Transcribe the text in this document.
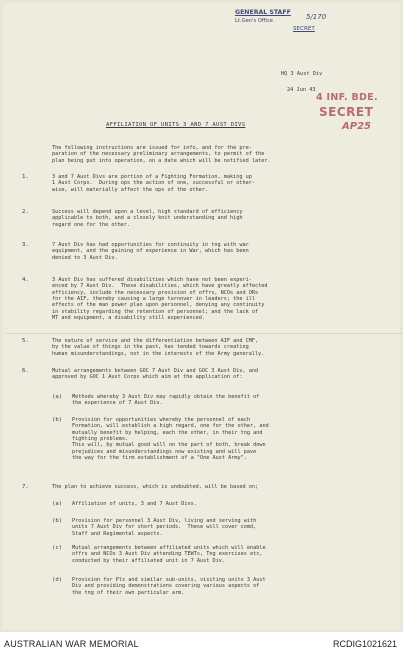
GENERAL STAFF
5/170
Lt.Gen's Office
SECRET
HQ 3 Aust Div
24 Jun 43
4 INF. BDE.
SECRET
AP25
AFFILIATION OF UNITS 3 AND 7 AUST DIVS
The following instructions are issued for info, and for the pre-
paration of the necessary preliminary arrangements, to permit of the
plan being put into operation, on a date which will be notified later.
1.	3 and 7 Aust Divs are portion of a Fighting Formation, making up
1 Aust Corps.  During ops the action of one, successful or other-
wise, will materially affect the ops of the other.
2.	Success will depend upon a level, high standard of efficiency
applicable to both, and a closely knit understanding and high
regard one for the other.
3.	7 Aust Div has had opportunities for continuity in tng with war
equipment, and the gaining of experience in War, which has been
denied to 3 Aust Div.
4.	3 Aust Div has suffered disabilities which have not been experi-
enced by 7 Aust Div.  These disabilities, which have greatly affected
efficiency, include the necessary provision of offrs, NCOs and ORs
for the AIF, thereby causing a large turnover in leaders; the ill
effects of the man power plan upon personnel, denying any continuity
in stability regarding the retention of personnel; and the lack of
MT and equipment, a disability still experienced.
5.	The nature of service and the differentiation between AIF and CMF,
by the value of things in the past, has tended towards creating
human misunderstandings, not in the interests of the Army generally.
6.	Mutual arrangements between GOC 7 Aust Div and GOC 3 Aust Div, and
approved by GOC 1 Aust Corps which aim at the application of:
(a) Methods whereby 3 Aust Div may rapidly obtain the benefit of
the experience of 7 Aust Div.
(b) Provision for opportunities whereby the personnel of each
Formation, will establish a high regard, one for the other, and
mutually benefit by helping, each the other, in their tng and
fighting problems.
This will, by mutual good will on the part of both, break down
prejudices and misunderstandings now existing and will pave
the way for the firm establishment of a "One Aust Army".
7.	The plan to achieve success, which is undoubted, will be based on;
(a) Affiliation of units, 3 and 7 Aust Divs.
(b) Provision for personnel 3 Aust Div, living and serving with
units 7 Aust Div for short periods.  These will cover comd,
Staff and Regimental aspects.
(c) Mutual arrangements between affiliated units which will enable
offrs and NCOs 3 Aust Div attending TEWTs, Tng exercises etc,
conducted by their affiliated unit in 7 Aust Div.
(d) Provision for Pls and similar sub-units, visiting units 3 Aust
Div and providing demonstrations covering various aspects of
the tng of their own particular arm.
AUSTRALIAN WAR MEMORIAL	RCDIG1021621
